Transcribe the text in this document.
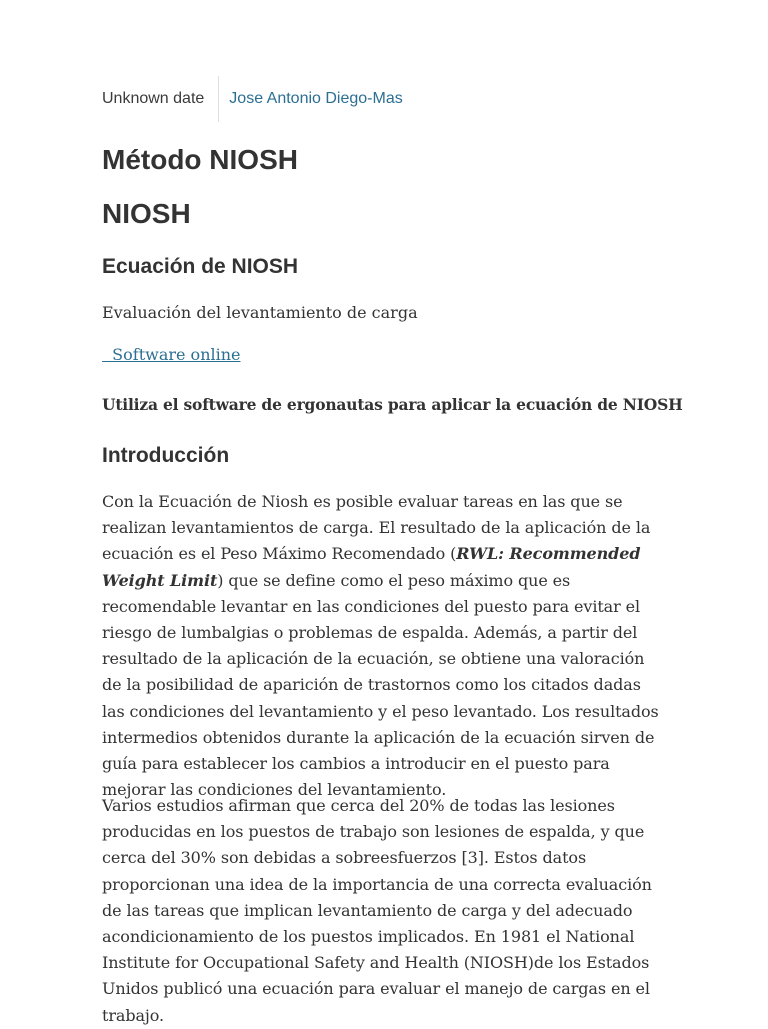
Unknown date	Jose Antonio Diego-Mas
Método NIOSH
NIOSH
Ecuación de NIOSH

Evaluación del levantamiento de carga

Software online

Utiliza el software de ergonautas para aplicar la ecuación de NIOSH

Introducción

Con la Ecuación de Niosh es posible evaluar tareas en las que se realizan levantamientos de carga. El resultado de la aplicación de la ecuación es el Peso Máximo Recomendado (RWL: Recommended Weight Limit) que se define como el peso máximo que es recomendable levantar en las condiciones del puesto para evitar el riesgo de lumbalgias o problemas de espalda. Además, a partir del resultado de la aplicación de la ecuación, se obtiene una valoración de la posibilidad de aparición de trastornos como los citados dadas las condiciones del levantamiento y el peso levantado. Los resultados intermedios obtenidos durante la aplicación de la ecuación sirven de guía para establecer los cambios a introducir en el puesto para mejorar las condiciones del levantamiento.

Varios estudios afirman que cerca del 20% de todas las lesiones producidas en los puestos de trabajo son lesiones de espalda, y que cerca del 30% son debidas a sobreesfuerzos [3]. Estos datos proporcionan una idea de la importancia de una correcta evaluación de las tareas que implican levantamiento de carga y del adecuado acondicionamiento de los puestos implicados. En 1981 el National Institute for Occupational Safety and Health (NIOSH)de los Estados Unidos publicó una ecuación para evaluar el manejo de cargas en el trabajo.
